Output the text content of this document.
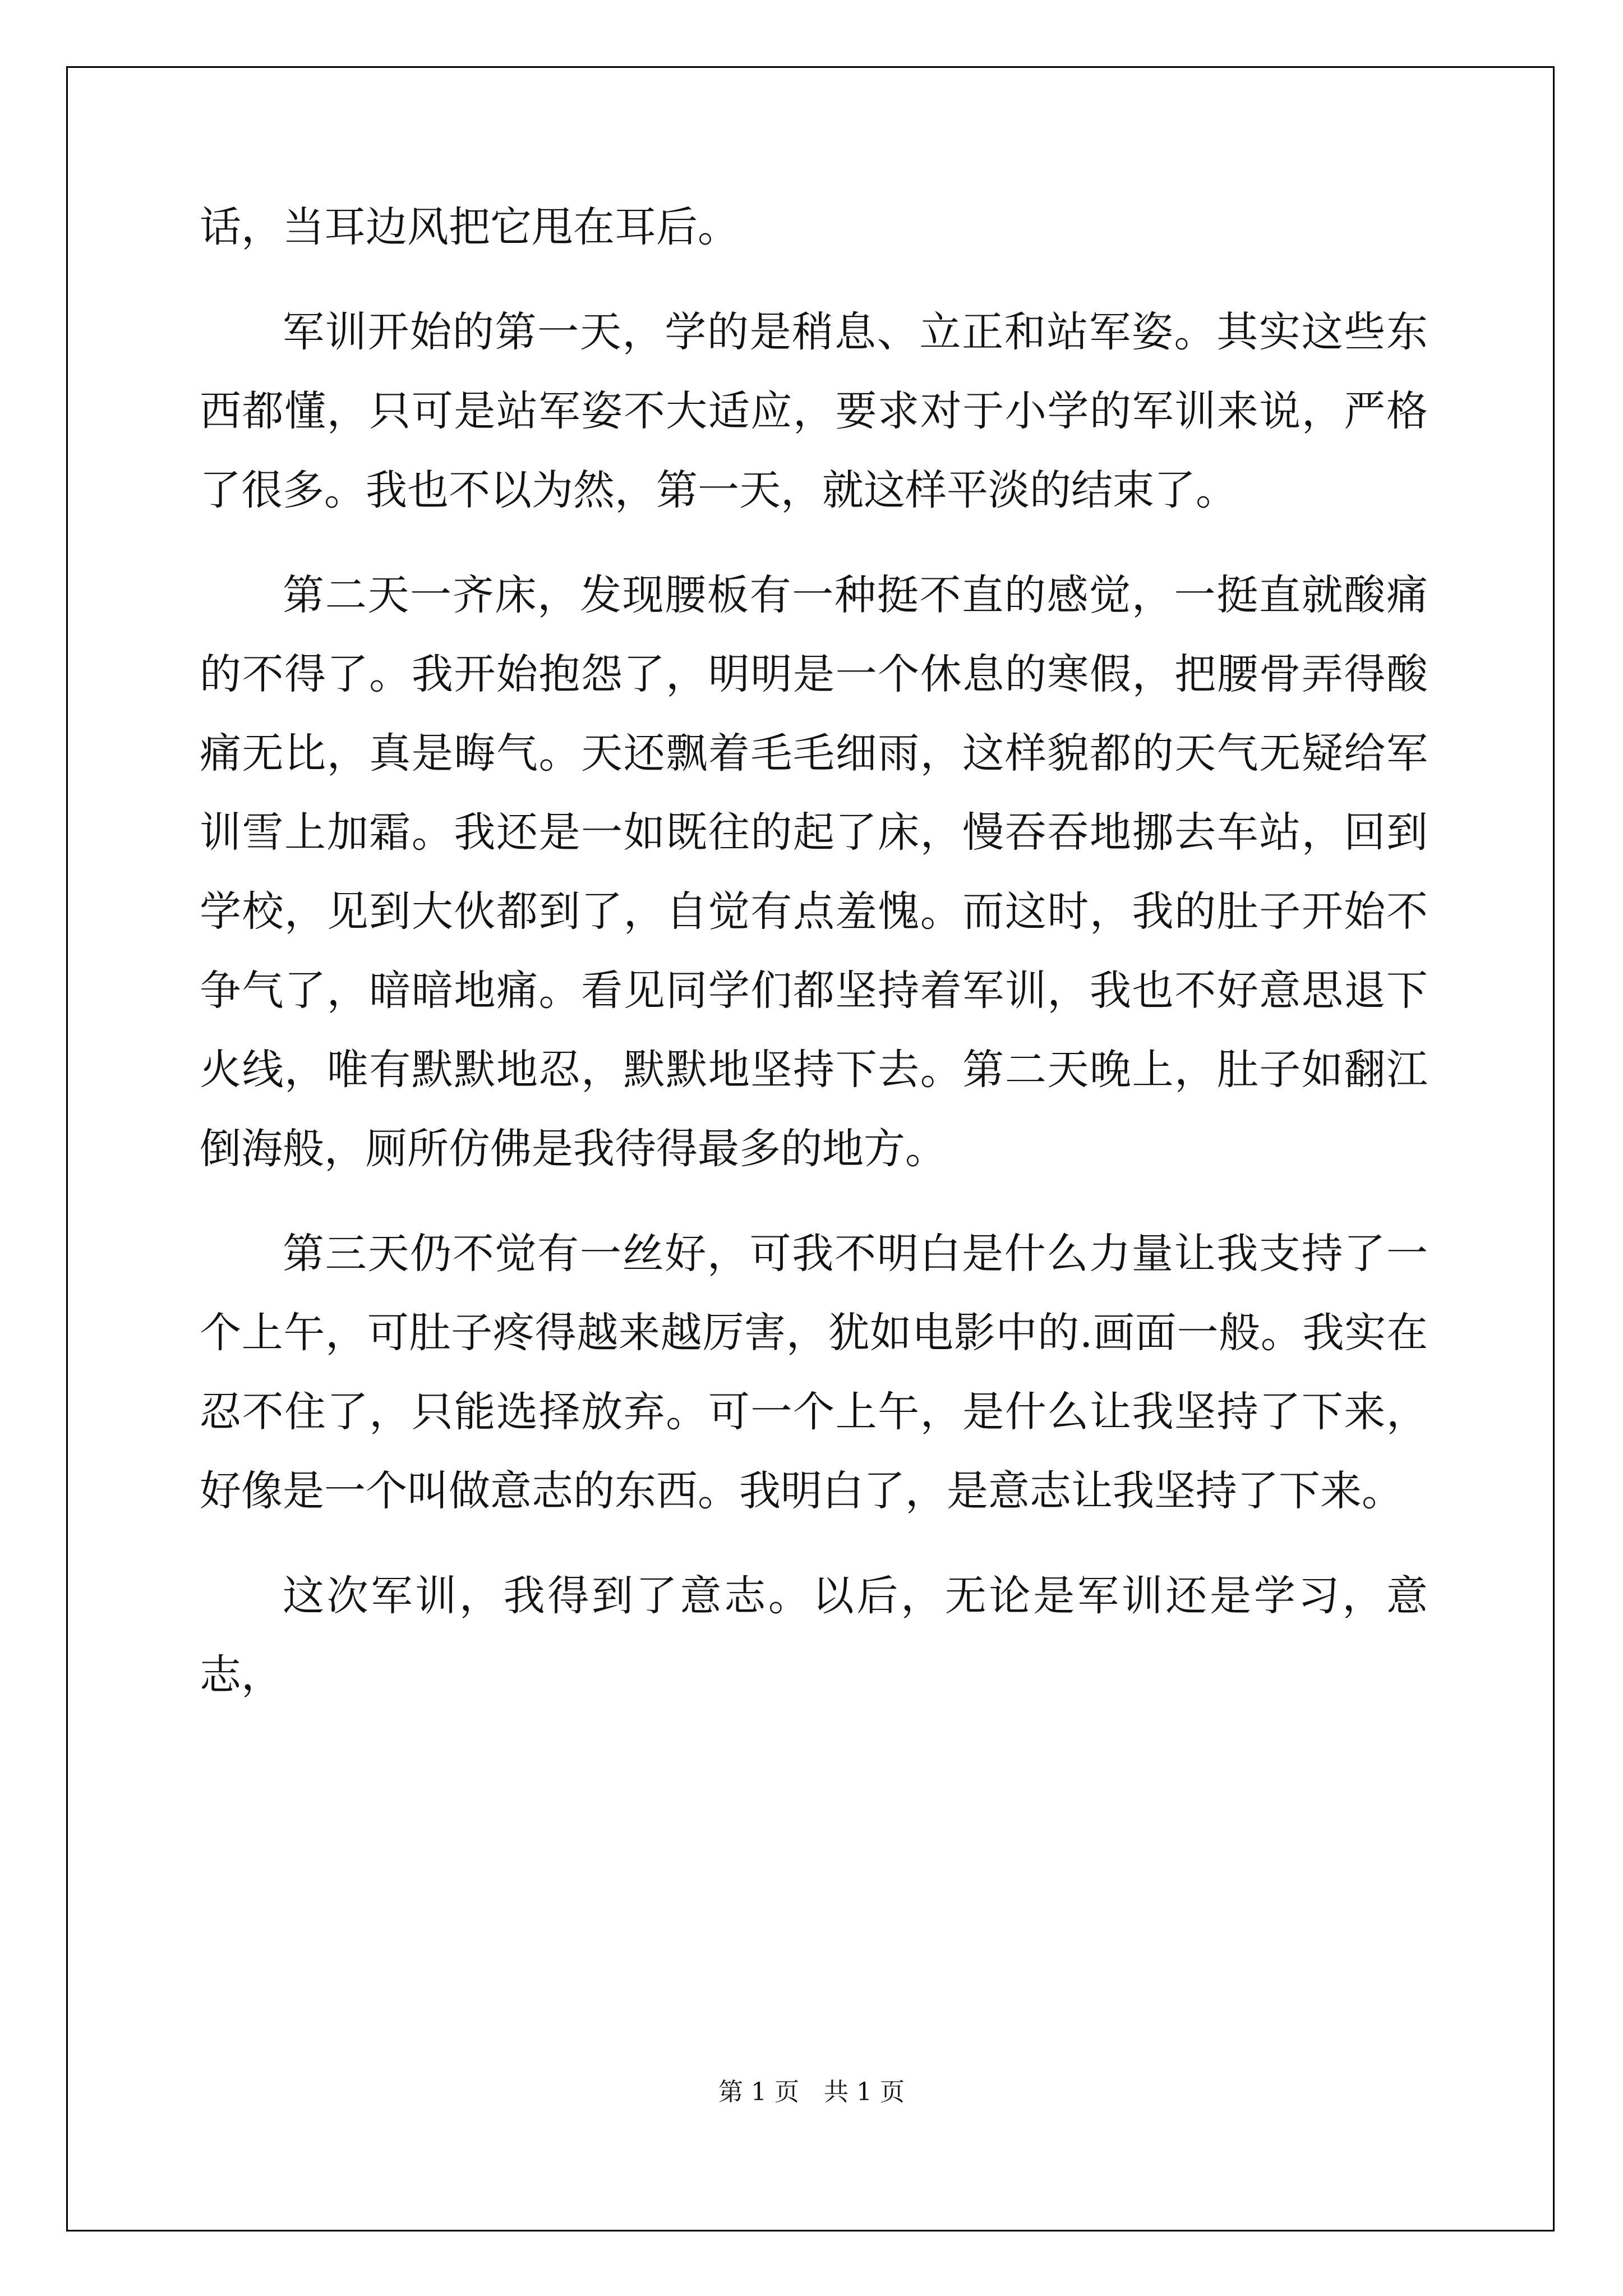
话，当耳边风把它甩在耳后。

军训开始的第一天，学的是稍息、立正和站军姿。其实这些东西都懂，只可是站军姿不大适应，要求对于小学的军训来说，严格了很多。我也不以为然，第一天，就这样平淡的结束了。

第二天一齐床，发现腰板有一种挺不直的感觉，一挺直就酸痛的不得了。我开始抱怨了，明明是一个休息的寒假，把腰骨弄得酸痛无比，真是晦气。天还飘着毛毛细雨，这样貌都的天气无疑给军训雪上加霜。我还是一如既往的起了床，慢吞吞地挪去车站，回到学校，见到大伙都到了，自觉有点羞愧。而这时，我的肚子开始不争气了，暗暗地痛。看见同学们都坚持着军训，我也不好意思退下火线，唯有默默地忍，默默地坚持下去。第二天晚上，肚子如翻江倒海般，厕所仿佛是我待得最多的地方。

第三天仍不觉有一丝好，可我不明白是什么力量让我支持了一个上午，可肚子疼得越来越厉害，犹如电影中的.画面一般。我实在忍不住了，只能选择放弃。可一个上午，是什么让我坚持了下来，好像是一个叫做意志的东西。我明白了，是意志让我坚持了下来。

这次军训，我得到了意志。以后，无论是军训还是学习，意志，

第 1 页　共 1 页
